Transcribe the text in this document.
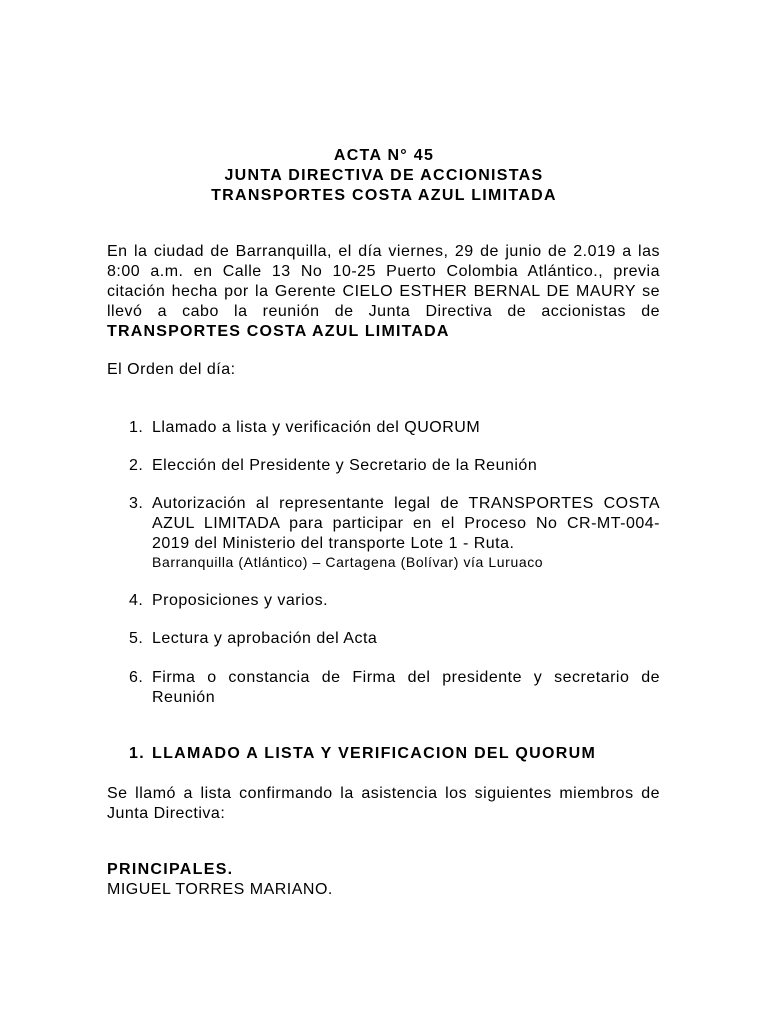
ACTA N° 45
JUNTA DIRECTIVA DE ACCIONISTAS
TRANSPORTES COSTA AZUL LIMITADA
En la ciudad de Barranquilla, el día viernes, 29 de junio de 2.019 a las 8:00 a.m. en Calle 13 No 10-25 Puerto Colombia Atlántico., previa citación hecha por la Gerente CIELO ESTHER BERNAL DE MAURY se llevó a cabo la reunión de Junta Directiva de accionistas de TRANSPORTES COSTA AZUL LIMITADA
El Orden del día:
1. Llamado a lista y verificación del QUORUM
2. Elección del Presidente y Secretario de la Reunión
3. Autorización al representante legal de TRANSPORTES COSTA AZUL LIMITADA para participar en el Proceso No CR-MT-004-2019 del Ministerio del transporte Lote 1 - Ruta.
Barranquilla (Atlántico) – Cartagena (Bolívar) vía Luruaco
4. Proposiciones y varios.
5. Lectura y aprobación del Acta
6. Firma o constancia de Firma del presidente y secretario de Reunión
1. LLAMADO A LISTA Y VERIFICACION DEL QUORUM
Se llamó a lista confirmando la asistencia los siguientes miembros de Junta Directiva:
PRINCIPALES.
MIGUEL TORRES MARIANO.
